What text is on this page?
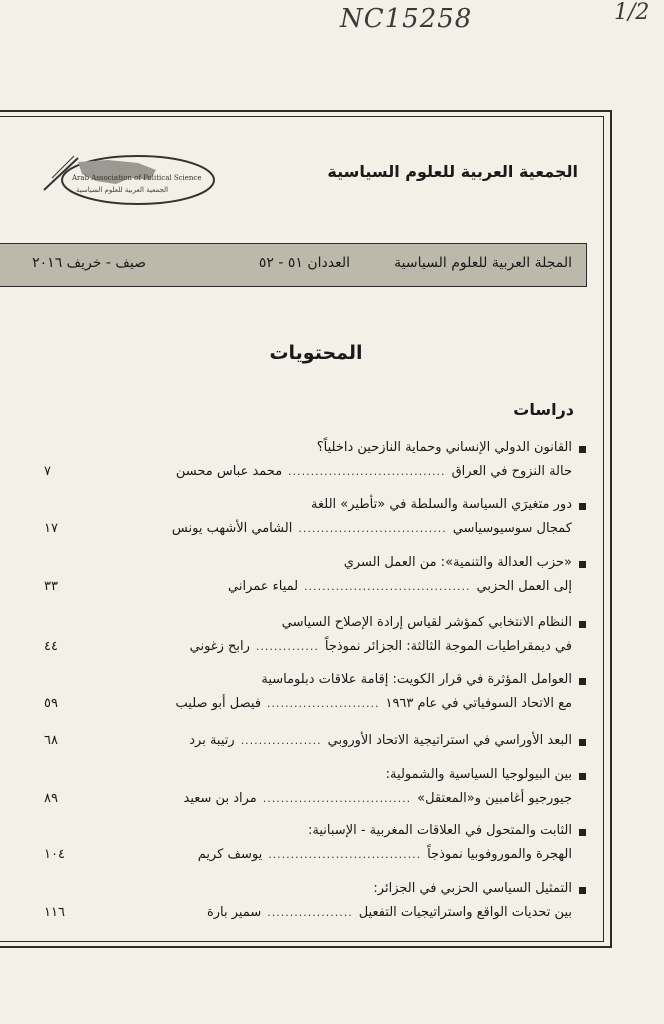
NC15258	1/2
Arab Association of Political Science
الجمعية العربية للعلوم السياسية
الجمعية العربية للعلوم السياسية
المجلة العربية للعلوم السياسية
العددان ٥١ - ٥٢
صيف - خريف ٢٠١٦
المحتويات
دراسات
القانون الدولي الإنساني وحماية النازحين داخلياً؟
حالة النزوح في العراق
...................................
محمد عباس محسن
٧
دور متغيرَي السياسة والسلطة في «تأطير» اللغة
كمجال سوسيوسياسي
.................................
الشامي الأشهب يونس
١٧
«حزب العدالة والتنمية»: من العمل السري
إلى العمل الحزبي
.....................................
لمياء عمراني
٣٣
النظام الانتخابي كمؤشر لقياس إرادة الإصلاح السياسي
في ديمقراطيات الموجة الثالثة: الجزائر نموذجاً
..............
رابح زغوني
٤٤
العوامل المؤثرة في قرار الكويت: إقامة علاقات دبلوماسية
مع الاتحاد السوفياتي في عام ١٩٦٣
.........................
فيصل أبو صليب
٥٩
البعد الأوراسي في استراتيجية الاتحاد الأوروبي
..................
رتيبة برد
٦٨
بين البيولوجيا السياسية والشمولية:
جيورجيو أغامبين و«المعتقل»
.................................
مراد بن سعيد
٨٩
الثابت والمتحول في العلاقات المغربية - الإسبانية:
الهجرة والموروفوبيا نموذجاً
..................................
يوسف كريم
١٠٤
التمثيل السياسي الحزبي في الجزائر:
بين تحديات الواقع واستراتيجيات التفعيل
...................
سمير بارة
١١٦
